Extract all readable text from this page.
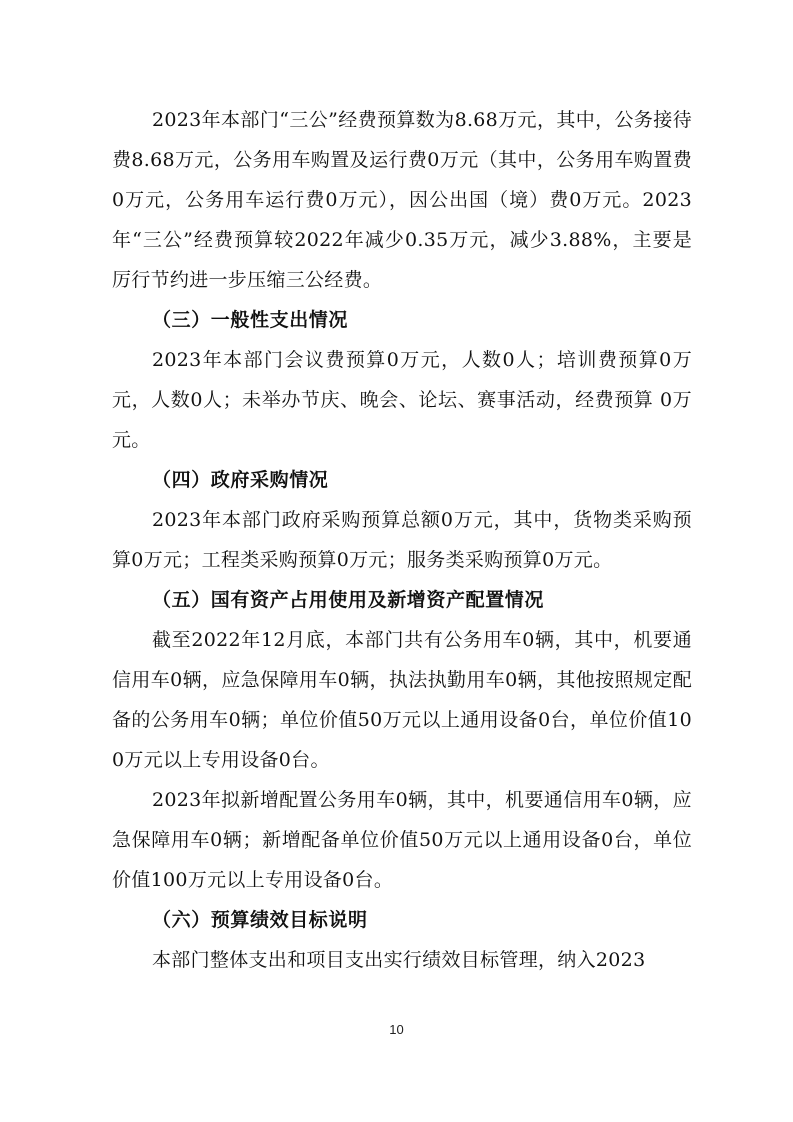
2023年本部门“三公”经费预算数为8.68万元，其中，公务接待费8.68万元，公务用车购置及运行费0万元（其中，公务用车购置费0万元，公务用车运行费0万元），因公出国（境）费0万元。2023年“三公”经费预算较2022年减少0.35万元，减少3.88%，主要是厉行节约进一步压缩三公经费。

（三）一般性支出情况

2023年本部门会议费预算0万元，人数0人；培训费预算0万元，人数0人；未举办节庆、晚会、论坛、赛事活动，经费预算 0万元。

（四）政府采购情况

2023年本部门政府采购预算总额0万元，其中，货物类采购预算0万元；工程类采购预算0万元；服务类采购预算0万元。

（五）国有资产占用使用及新增资产配置情况

截至2022年12月底，本部门共有公务用车0辆，其中，机要通信用车0辆，应急保障用车0辆，执法执勤用车0辆，其他按照规定配备的公务用车0辆；单位价值50万元以上通用设备0台，单位价值100万元以上专用设备0台。

2023年拟新增配置公务用车0辆，其中，机要通信用车0辆，应急保障用车0辆；新增配备单位价值50万元以上通用设备0台，单位价值100万元以上专用设备0台。

（六）预算绩效目标说明

本部门整体支出和项目支出实行绩效目标管理，纳入2023

10
